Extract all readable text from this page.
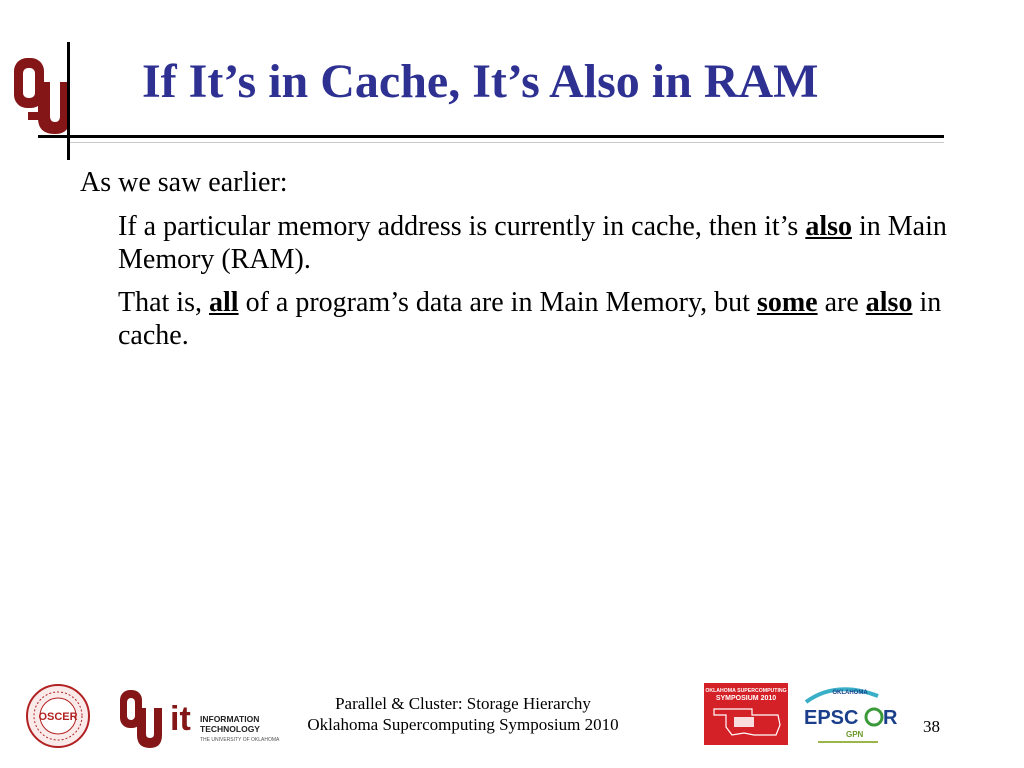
If It’s in Cache, It’s Also in RAM

As we saw earlier:

If a particular memory address is currently in cache, then it’s also in Main Memory (RAM).

That is, all of a program’s data are in Main Memory, but some are also in cache.

OSCER	it INFORMATION
TECHNOLOGY
THE UNIVERSITY OF OKLAHOMA
Parallel & Cluster: Storage Hierarchy
Oklahoma Supercomputing Symposium 2010
OKLAHOMA SUPERCOMPUTING
SYMPOSIUM 2010
OKLAHOMA
EPSC R
GPN	38
